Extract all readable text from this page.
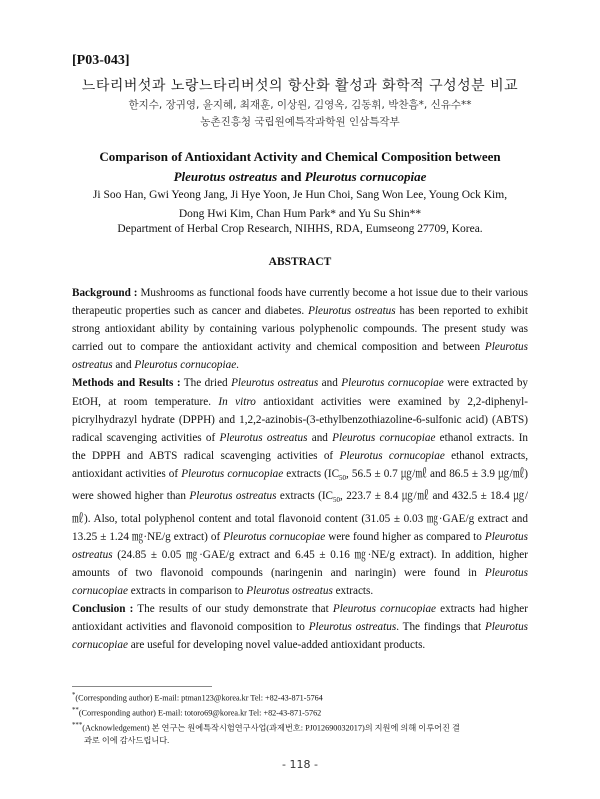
[P03-043]
느타리버섯과 노랑느타리버섯의 항산화 활성과 화학적 구성성분 비교
한지수, 장귀영, 윤지혜, 최재훈, 이상원, 김영옥, 김동휘, 박찬흠*, 신유수**
농촌진흥청 국립원예특작과학원 인삼특작부
Comparison of Antioxidant Activity and Chemical Composition between
Pleurotus ostreatus and Pleurotus cornucopiae
Ji Soo Han, Gwi Yeong Jang, Ji Hye Yoon, Je Hun Choi, Sang Won Lee, Young Ock Kim,
Dong Hwi Kim, Chan Hum Park* and Yu Su Shin**
Department of Herbal Crop Research, NIHHS, RDA, Eumseong 27709, Korea.
ABSTRACT

Background : Mushrooms as functional foods have currently become a hot issue due to their various therapeutic properties such as cancer and diabetes. Pleurotus ostreatus has been reported to exhibit strong antioxidant ability by containing various polyphenolic compounds. The present study was carried out to compare the antioxidant activity and chemical composition and between Pleurotus ostreatus and Pleurotus cornucopiae.

Methods and Results : The dried Pleurotus ostreatus and Pleurotus cornucopiae were extracted by EtOH, at room temperature. In vitro antioxidant activities were examined by 2,2-diphenyl-picrylhydrazyl hydrate (DPPH) and 1,2,2-azinobis-(3-ethylbenzothiazoline-6-sulfonic acid) (ABTS) radical scavenging activities of Pleurotus ostreatus and Pleurotus cornucopiae ethanol extracts. In the DPPH and ABTS radical scavenging activities of Pleurotus cornucopiae ethanol extracts, antioxidant activities of Pleurotus cornucopiae extracts ($IC_{50}$, 56.5 ± 0.7 ㎍/㎖ and 86.5 ± 3.9 ㎍/㎖) were showed higher than Pleurotus ostreatus extracts ($IC_{50}$, 223.7 ± 8.4 ㎍/㎖ and 432.5 ± 18.4 ㎍/㎖). Also, total polyphenol content and total flavonoid content (31.05 ± 0.03 ㎎·GAE/g extract and 13.25 ± 1.24 ㎎·NE/g extract) of Pleurotus cornucopiae were found higher as compared to Pleurotus ostreatus (24.85 ± 0.05 ㎎·GAE/g extract and 6.45 ± 0.16 ㎎·NE/g extract). In addition, higher amounts of two flavonoid compounds (naringenin and naringin) were found in Pleurotus cornucopiae extracts in comparison to Pleurotus ostreatus extracts.

Conclusion : The results of our study demonstrate that Pleurotus cornucopiae extracts had higher antioxidant activities and flavonoid composition to Pleurotus ostreatus. The findings that Pleurotus cornucopiae are useful for developing novel value-added antioxidant products.

*(Corresponding author) E-mail: ptman123@korea.kr Tel: +82-43-871-5764
**(Corresponding author) E-mail: totoro69@korea.kr Tel: +82-43-871-5762
***(Acknowledgement) 본 연구는 원예특작시험연구사업(과제번호: PJ012690032017)의 지원에 의해 이루어진 결
과로 이에 감사드립니다.
- 118 -
